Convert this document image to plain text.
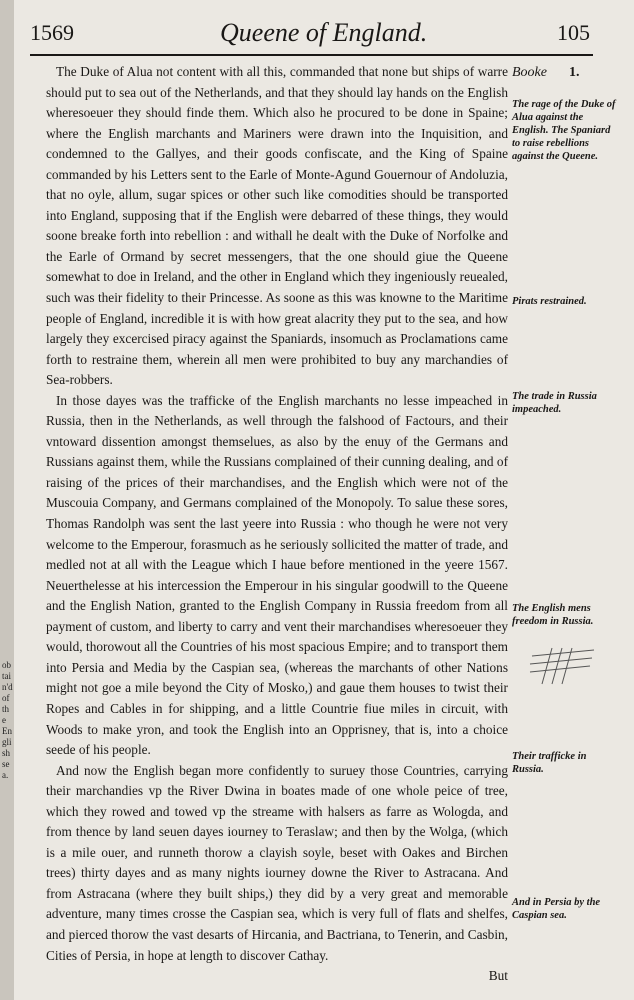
obtain'd of the English sea.
1569	Queene of England.	105

The Duke of Alua not content with all this, commanded that none but ships of warre should put to sea out of the Netherlands, and that they should lay hands on the English wheresoeuer they should finde them. Which also he procured to be done in Spaine; where the English marchants and Mariners were drawn into the Inquisition, and condemned to the Gallyes, and their goods confiscate, and the King of Spaine commanded by his Letters sent to the Earle of Monte-Agund Gouernour of Andoluzia, that no oyle, allum, sugar spices or other such like comodities should be transported into England, supposing that if the English were debarred of these things, they would soone breake forth into rebellion : and withall he dealt with the Duke of Norfolke and the Earle of Ormand by secret messengers, that the one should giue the Queene somewhat to doe in Ireland, and the other in England which they ingeniously reuealed, such was their fidelity to their Princesse. As soone as this was knowne to the Maritime people of England, incredible it is with how great alacrity they put to the sea, and how largely they excercised piracy against the Spaniards, insomuch as Proclamations came forth to restraine them, wherein all men were prohibited to buy any marchandies of Sea-robbers.

In those dayes was the trafficke of the English marchants no lesse impeached in Russia, then in the Netherlands, as well through the falshood of Factours, and their vntoward dissention amongst themselues, as also by the enuy of the Germans and Russians against them, while the Russians complained of their cunning dealing, and of raising of the prices of their marchandises, and the English which were not of the Muscouia Company, and Germans complained of the Monopoly. To salue these sores, Thomas Randolph was sent the last yeere into Russia : who though he were not very welcome to the Emperour, forasmuch as he seriously sollicited the matter of trade, and medled not at all with the League which I haue before mentioned in the yeere 1567. Neuerthelesse at his intercession the Emperour in his singular goodwill to the Queene and the English Nation, granted to the English Company in Russia freedom from all payment of custom, and liberty to carry and vent their marchandises wheresoeuer they would, thorowout all the Countries of his most spacious Empire; and to transport them into Persia and Media by the Caspian sea, (whereas the marchants of other Nations might not goe a mile beyond the City of Mosko,) and gaue them houses to twist their Ropes and Cables in for shipping, and a little Countrie fiue miles in circuit, with Woods to make yron, and took the English into an Opprisney, that is, into a choice seede of his people.

And now the English began more confidently to suruey those Countries, carrying their marchandies vp the River Dwina in boates made of one whole peice of tree, which they rowed and towed vp the streame with halsers as farre as Wologda, and from thence by land seuen dayes iourney to Teraslaw; and then by the Wolga, (which is a mile ouer, and runneth thorow a clayish soyle, beset with Oakes and Birchen trees) thirty dayes and as many nights iourney downe the River to Astracana. And from Astracana (where they built ships,) they did by a very great and memorable adventure, many times crosse the Caspian sea, which is very full of flats and shelfes, and pierced thorow the vast desarts of Hircania, and Bactriana, to Tenerin, and Casbin, Cities of Persia, in hope at length to discover Cathay.

But

Booke 1.
The rage of the Duke of Alua against the English. The Spaniard to raise rebellions against the Queene.
Pirats restrained.
The trade in Russia impeached.
The English mens freedom in Russia.
Their trafficke in Russia.
And in Persia by the Caspian sea.
